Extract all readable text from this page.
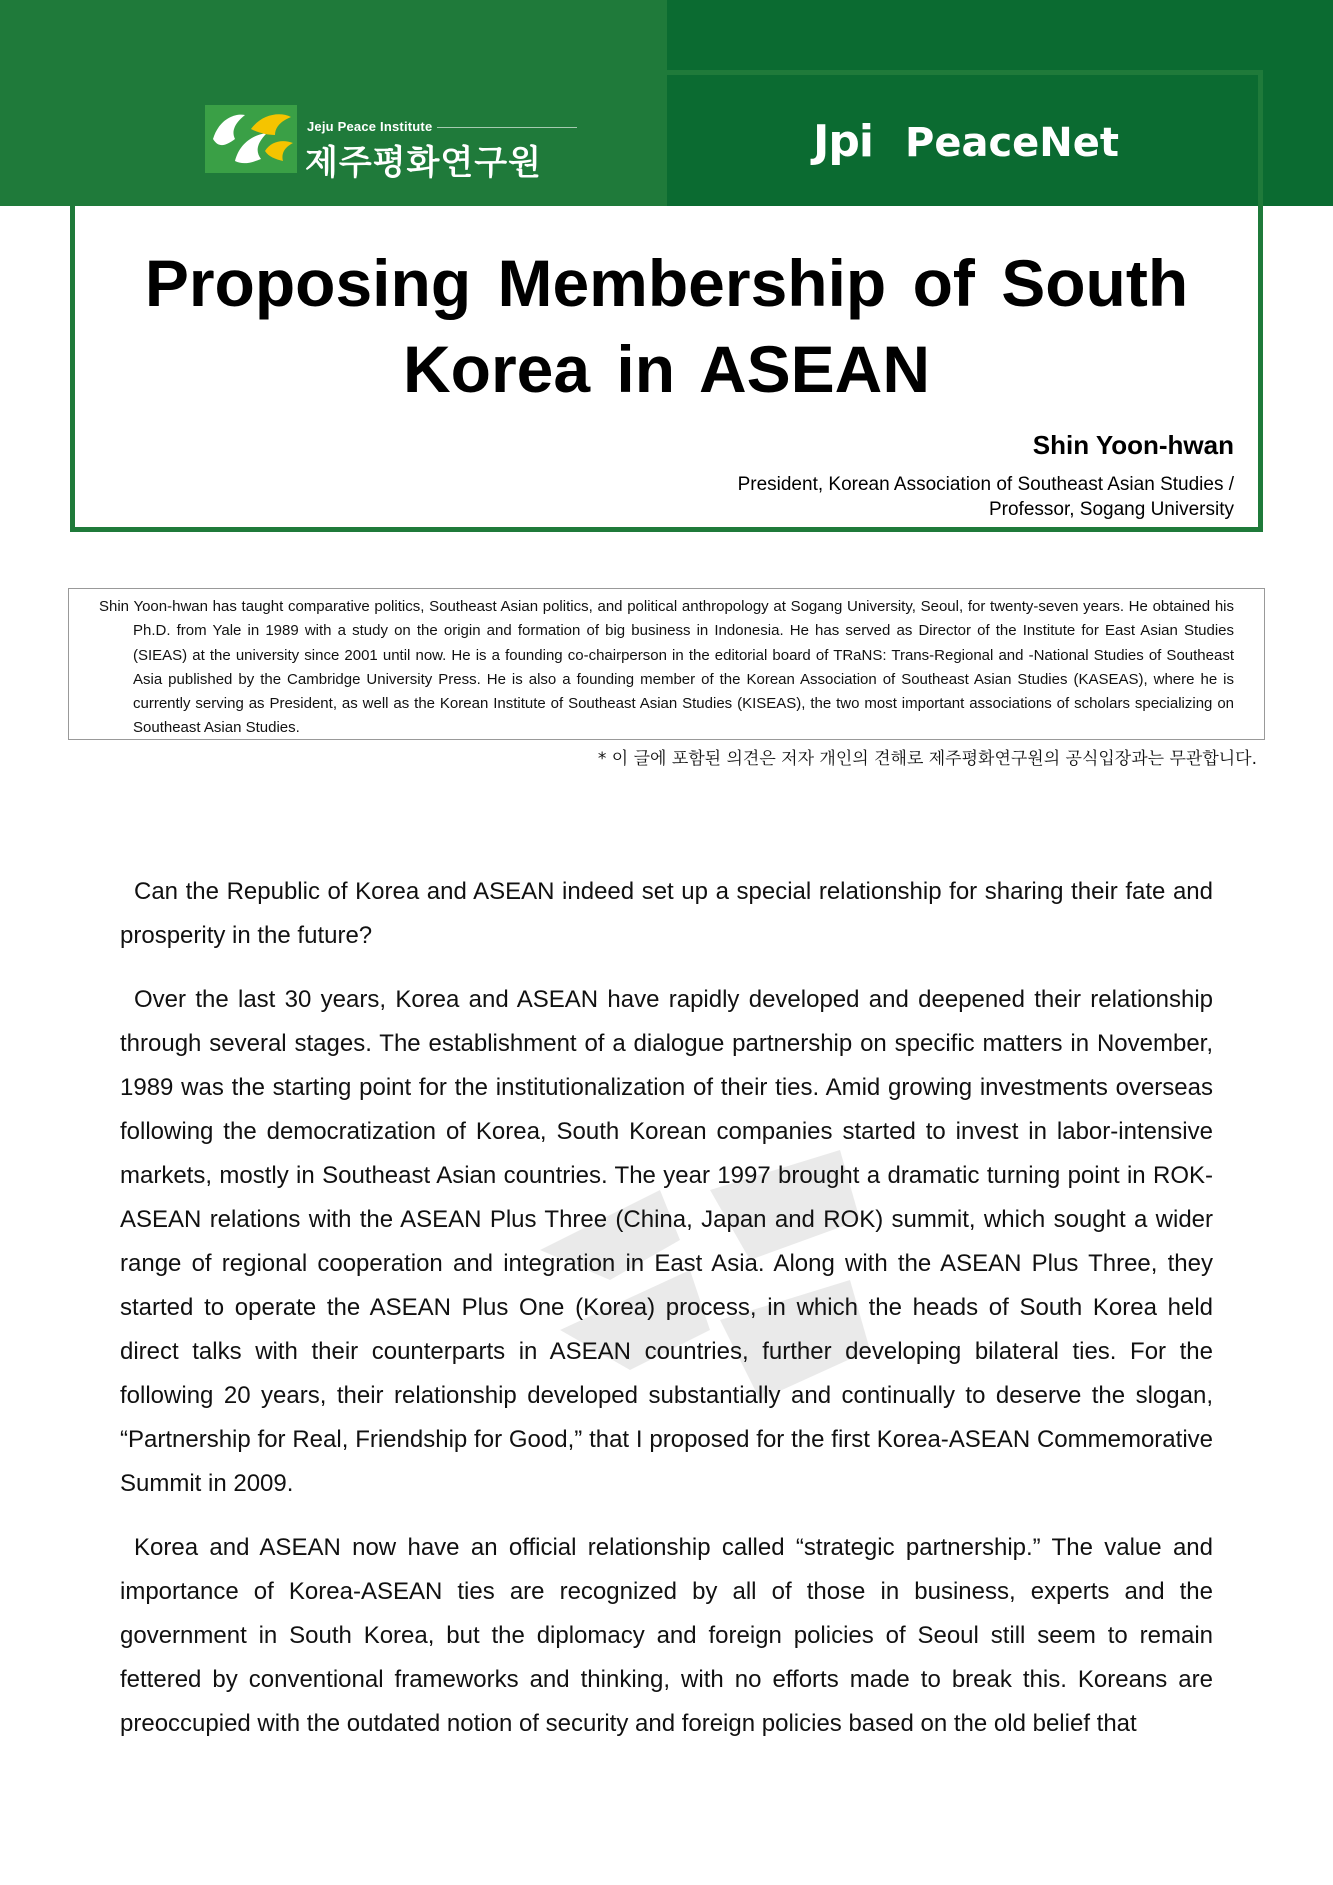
Jeju Peace Institute
제주평화연구원	Jpi PeaceNet
Proposing Membership of South Korea in ASEAN
Shin Yoon-hwan
President, Korean Association of Southeast Asian Studies /
Professor, Sogang University

Shin Yoon-hwan has taught comparative politics, Southeast Asian politics, and political anthropology at Sogang University, Seoul, for twenty-seven years. He obtained his Ph.D. from Yale in 1989 with a study on the origin and formation of big business in Indonesia. He has served as Director of the Institute for East Asian Studies (SIEAS) at the university since 2001 until now. He is a founding co-chairperson in the editorial board of TRaNS: Trans-Regional and -National Studies of Southeast Asia published by the Cambridge University Press. He is also a founding member of the Korean Association of Southeast Asian Studies (KASEAS), where he is currently serving as President, as well as the Korean Institute of Southeast Asian Studies (KISEAS), the two most important associations of scholars specializing on Southeast Asian Studies.

* 이 글에 포함된 의견은 저자 개인의 견해로 제주평화연구원의 공식입장과는 무관합니다.

Can the Republic of Korea and ASEAN indeed set up a special relationship for sharing their fate and prosperity in the future?

Over the last 30 years, Korea and ASEAN have rapidly developed and deepened their relationship through several stages. The establishment of a dialogue partnership on specific matters in November, 1989 was the starting point for the institutionalization of their ties. Amid growing investments overseas following the democratization of Korea, South Korean companies started to invest in labor-intensive markets, mostly in Southeast Asian countries. The year 1997 brought a dramatic turning point in ROK-ASEAN relations with the ASEAN Plus Three (China, Japan and ROK) summit, which sought a wider range of regional cooperation and integration in East Asia. Along with the ASEAN Plus Three, they started to operate the ASEAN Plus One (Korea) process, in which the heads of South Korea held direct talks with their counterparts in ASEAN countries, further developing bilateral ties. For the following 20 years, their relationship developed substantially and continually to deserve the slogan, “Partnership for Real, Friendship for Good,” that I proposed for the first Korea-ASEAN Commemorative Summit in 2009.

Korea and ASEAN now have an official relationship called “strategic partnership.” The value and importance of Korea-ASEAN ties are recognized by all of those in business, experts and the government in South Korea, but the diplomacy and foreign policies of Seoul still seem to remain fettered by conventional frameworks and thinking, with no efforts made to break this. Koreans are preoccupied with the outdated notion of security and foreign policies based on the old belief that
